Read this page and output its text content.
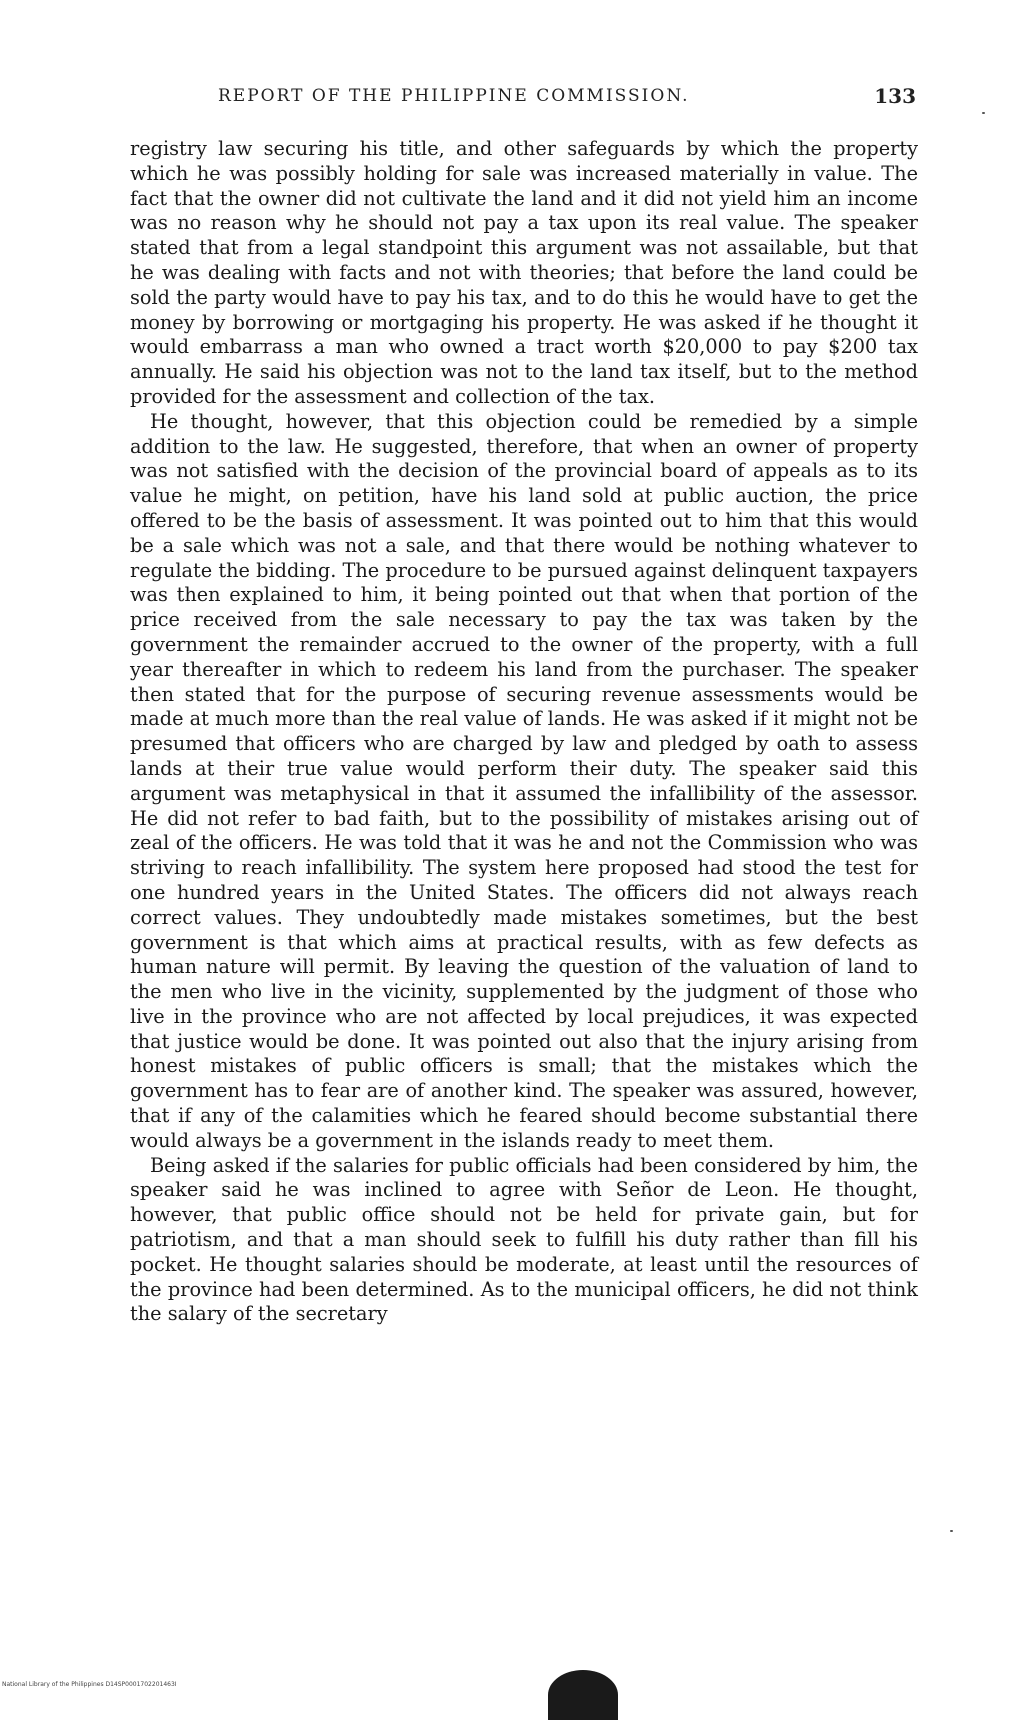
REPORT OF THE PHILIPPINE COMMISSION.	133

registry law securing his title, and other safeguards by which the property which he was possibly holding for sale was increased materially in value. The fact that the owner did not cultivate the land and it did not yield him an income was no reason why he should not pay a tax upon its real value. The speaker stated that from a legal standpoint this argument was not assailable, but that he was dealing with facts and not with theories; that before the land could be sold the party would have to pay his tax, and to do this he would have to get the money by borrowing or mortgaging his property. He was asked if he thought it would embarrass a man who owned a tract worth $20,000 to pay $200 tax annually. He said his objection was not to the land tax itself, but to the method provided for the assessment and collection of the tax.

He thought, however, that this objection could be remedied by a simple addition to the law. He suggested, therefore, that when an owner of property was not satisfied with the decision of the provincial board of appeals as to its value he might, on petition, have his land sold at public auction, the price offered to be the basis of assessment. It was pointed out to him that this would be a sale which was not a sale, and that there would be nothing whatever to regulate the bidding. The procedure to be pursued against delinquent taxpayers was then explained to him, it being pointed out that when that portion of the price received from the sale necessary to pay the tax was taken by the government the remainder accrued to the owner of the property, with a full year thereafter in which to redeem his land from the purchaser. The speaker then stated that for the purpose of securing revenue assessments would be made at much more than the real value of lands. He was asked if it might not be presumed that officers who are charged by law and pledged by oath to assess lands at their true value would perform their duty. The speaker said this argument was metaphysical in that it assumed the infallibility of the assessor. He did not refer to bad faith, but to the possibility of mistakes arising out of zeal of the officers. He was told that it was he and not the Commission who was striving to reach infallibility. The system here proposed had stood the test for one hundred years in the United States. The officers did not always reach correct values. They undoubtedly made mistakes sometimes, but the best government is that which aims at practical results, with as few defects as human nature will permit. By leaving the question of the valuation of land to the men who live in the vicinity, supplemented by the judgment of those who live in the province who are not affected by local prejudices, it was expected that justice would be done. It was pointed out also that the injury arising from honest mistakes of public officers is small; that the mistakes which the government has to fear are of another kind. The speaker was assured, however, that if any of the calamities which he feared should become substantial there would always be a government in the islands ready to meet them.

Being asked if the salaries for public officials had been considered by him, the speaker said he was inclined to agree with Señor de Leon. He thought, however, that public office should not be held for private gain, but for patriotism, and that a man should seek to fulfill his duty rather than fill his pocket. He thought salaries should be moderate, at least until the resources of the province had been determined. As to the municipal officers, he did not think the salary of the secretary

National Library of the Philippines D14SP0001702201463I
